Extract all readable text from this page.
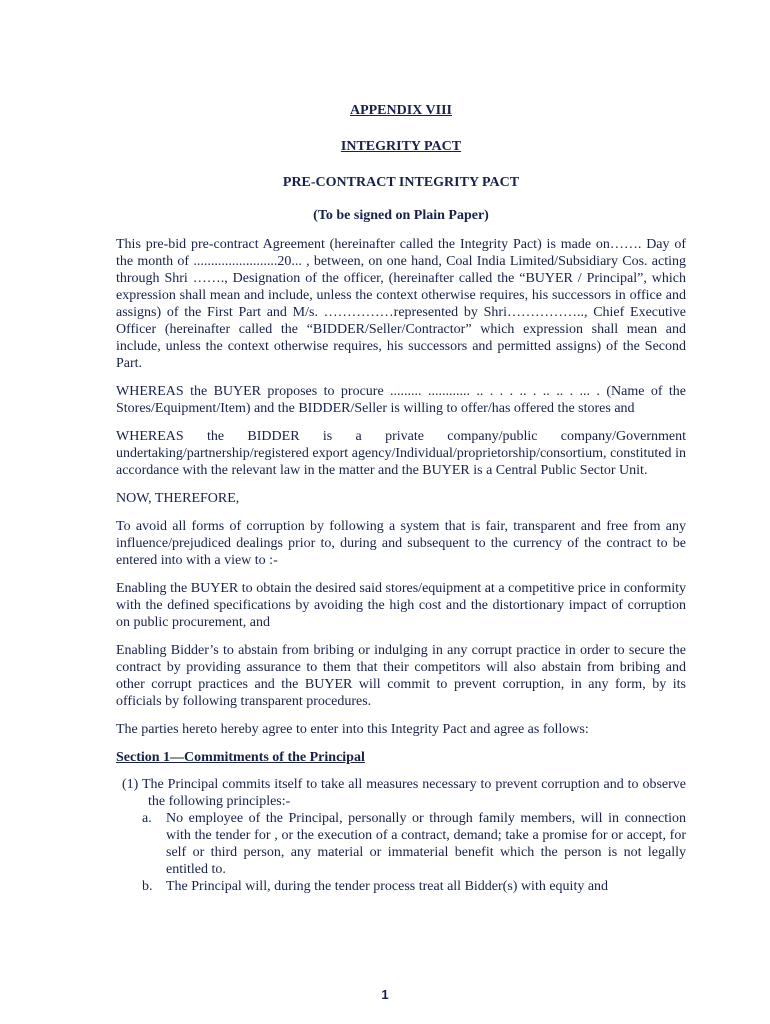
APPENDIX VIII
INTEGRITY PACT
PRE-CONTRACT INTEGRITY PACT
(To be signed on Plain Paper)

This pre-bid pre-contract Agreement (hereinafter called the Integrity Pact) is made on……. Day of the month of ........................20... , between, on one hand, Coal India Limited/Subsidiary Cos. acting through Shri ……., Designation of the officer, (hereinafter called the “BUYER / Principal”, which expression shall mean and include, unless the context otherwise requires, his successors in office and assigns) of the First Part and M/s. ……………represented by Shri…………….., Chief Executive Officer (hereinafter called the “BIDDER/Seller/Contractor” which expression shall mean and include, unless the context otherwise requires, his successors and permitted assigns) of the Second Part.

WHEREAS the BUYER proposes to procure ......... ............ .. . . . .. . .. .. . ... . (Name of the Stores/Equipment/Item) and the BIDDER/Seller is willing to offer/has offered the stores and

WHEREAS the BIDDER is a private company/public company/Government undertaking/partnership/registered export agency/Individual/proprietorship/consortium, constituted in accordance with the relevant law in the matter and the BUYER is a Central Public Sector Unit.

NOW, THEREFORE,

To avoid all forms of corruption by following a system that is fair, transparent and free from any influence/prejudiced dealings prior to, during and subsequent to the currency of the contract to be entered into with a view to :-

Enabling the BUYER to obtain the desired said stores/equipment at a competitive price in conformity with the defined specifications by avoiding the high cost and the distortionary impact of corruption on public procurement, and

Enabling Bidder’s to abstain from bribing or indulging in any corrupt practice in order to secure the contract by providing assurance to them that their competitors will also abstain from bribing and other corrupt practices and the BUYER will commit to prevent corruption, in any form, by its officials by following transparent procedures.

The parties hereto hereby agree to enter into this Integrity Pact and agree as follows:

Section 1—Commitments of the Principal

(1) The Principal commits itself to take all measures necessary to prevent corruption and to observe the following principles:-

a. No employee of the Principal, personally or through family members, will in connection with the tender for , or the execution of a contract, demand; take a promise for or accept, for self or third person, any material or immaterial benefit which the person is not legally entitled to.
b. The Principal will, during the tender process treat all Bidder(s) with equity and
1
